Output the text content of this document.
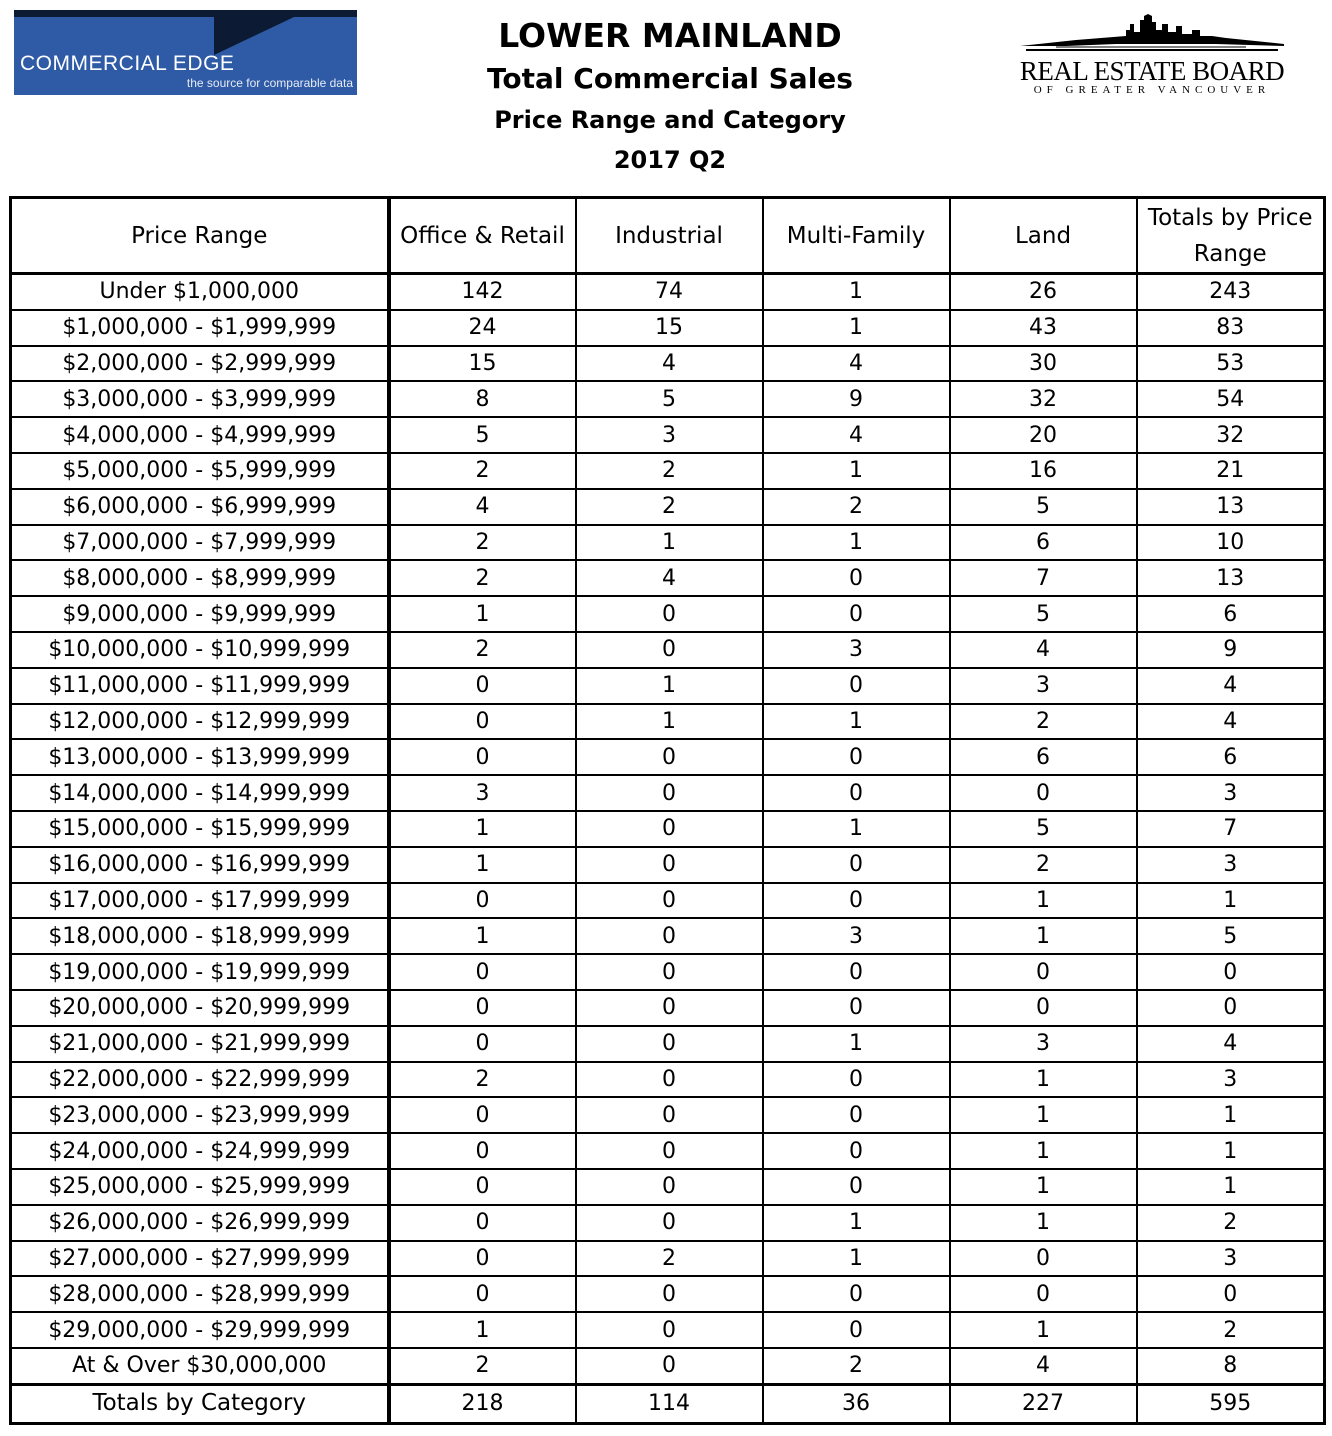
COMMERCIAL EDGE
the source for comparable data
LOWER MAINLAND
Total Commercial Sales
Price Range and Category
2017 Q2
REAL ESTATE BOARD
OF GREATER VANCOUVER
Price Range	Office & Retail	Industrial	Multi-Family	Land	Totals by Price Range
Under $1,000,000	142	74	1	26	243
$1,000,000 - $1,999,999	24	15	1	43	83
$2,000,000 - $2,999,999	15	4	4	30	53
$3,000,000 - $3,999,999	8	5	9	32	54
$4,000,000 - $4,999,999	5	3	4	20	32
$5,000,000 - $5,999,999	2	2	1	16	21
$6,000,000 - $6,999,999	4	2	2	5	13
$7,000,000 - $7,999,999	2	1	1	6	10
$8,000,000 - $8,999,999	2	4	0	7	13
$9,000,000 - $9,999,999	1	0	0	5	6
$10,000,000 - $10,999,999	2	0	3	4	9
$11,000,000 - $11,999,999	0	1	0	3	4
$12,000,000 - $12,999,999	0	1	1	2	4
$13,000,000 - $13,999,999	0	0	0	6	6
$14,000,000 - $14,999,999	3	0	0	0	3
$15,000,000 - $15,999,999	1	0	1	5	7
$16,000,000 - $16,999,999	1	0	0	2	3
$17,000,000 - $17,999,999	0	0	0	1	1
$18,000,000 - $18,999,999	1	0	3	1	5
$19,000,000 - $19,999,999	0	0	0	0	0
$20,000,000 - $20,999,999	0	0	0	0	0
$21,000,000 - $21,999,999	0	0	1	3	4
$22,000,000 - $22,999,999	2	0	0	1	3
$23,000,000 - $23,999,999	0	0	0	1	1
$24,000,000 - $24,999,999	0	0	0	1	1
$25,000,000 - $25,999,999	0	0	0	1	1
$26,000,000 - $26,999,999	0	0	1	1	2
$27,000,000 - $27,999,999	0	2	1	0	3
$28,000,000 - $28,999,999	0	0	0	0	0
$29,000,000 - $29,999,999	1	0	0	1	2
At & Over $30,000,000	2	0	2	4	8
Totals by Category	218	114	36	227	595
